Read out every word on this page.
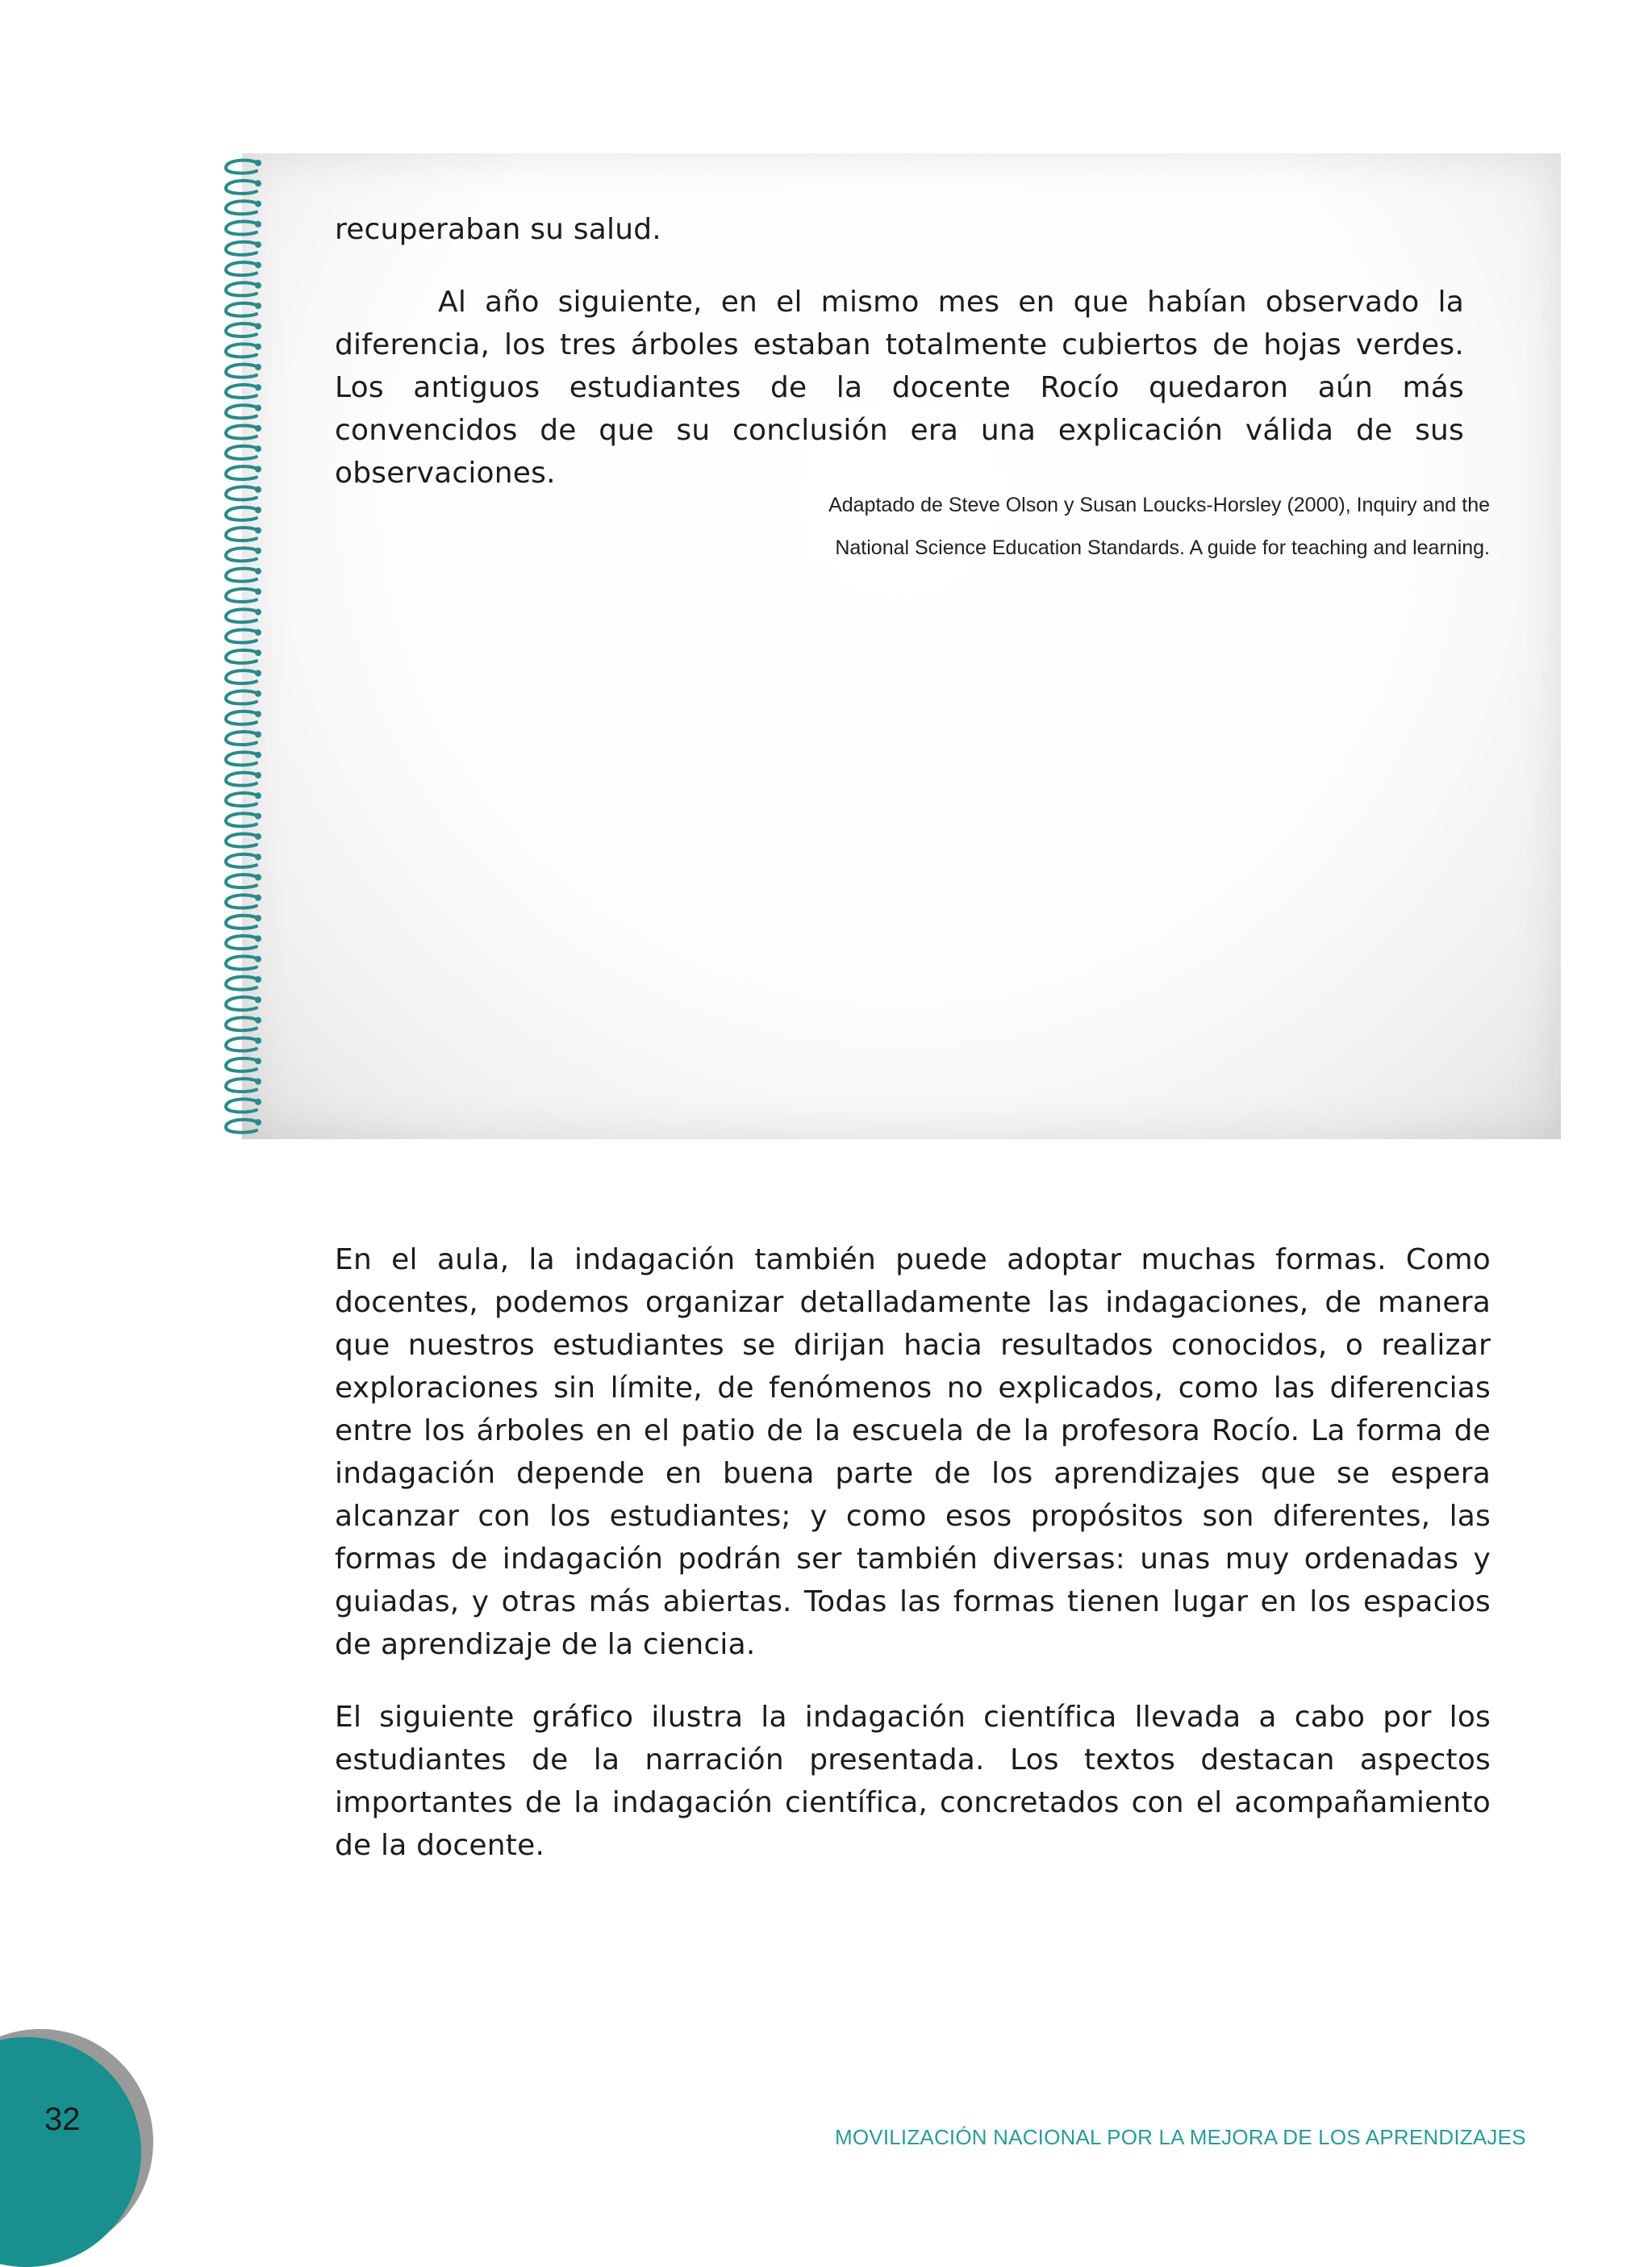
recuperaban su salud.
Al año siguiente, en el mismo mes en que habían observado la diferencia, los tres árboles estaban totalmente cubiertos de hojas verdes. Los antiguos estudiantes de la docente Rocío quedaron aún más convencidos de que su conclusión era una explicación válida de sus observaciones.
Adaptado de Steve Olson y Susan Loucks-Horsley (2000), Inquiry and the
National Science Education Standards. A guide for teaching and learning.
En el aula, la indagación también puede adoptar muchas formas. Como docentes, podemos organizar detalladamente las indagaciones, de manera que nuestros estudiantes se dirijan hacia resultados conocidos, o realizar exploraciones sin límite, de fenómenos no explicados, como las diferencias entre los árboles en el patio de la escuela de la profesora Rocío. La forma de indagación depende en buena parte de los aprendizajes que se espera alcanzar con los estudiantes; y como esos propósitos son diferentes, las formas de indagación podrán ser también diversas: unas muy ordenadas y guiadas, y otras más abiertas. Todas las formas tienen lugar en los espacios de aprendizaje de la ciencia.
El siguiente gráfico ilustra la indagación científica llevada a cabo por los estudiantes de la narración presentada. Los textos destacan aspectos importantes de la indagación científica, concretados con el acompañamiento de la docente.
32	MOVILIZACIÓN NACIONAL POR LA MEJORA DE LOS APRENDIZAJES
